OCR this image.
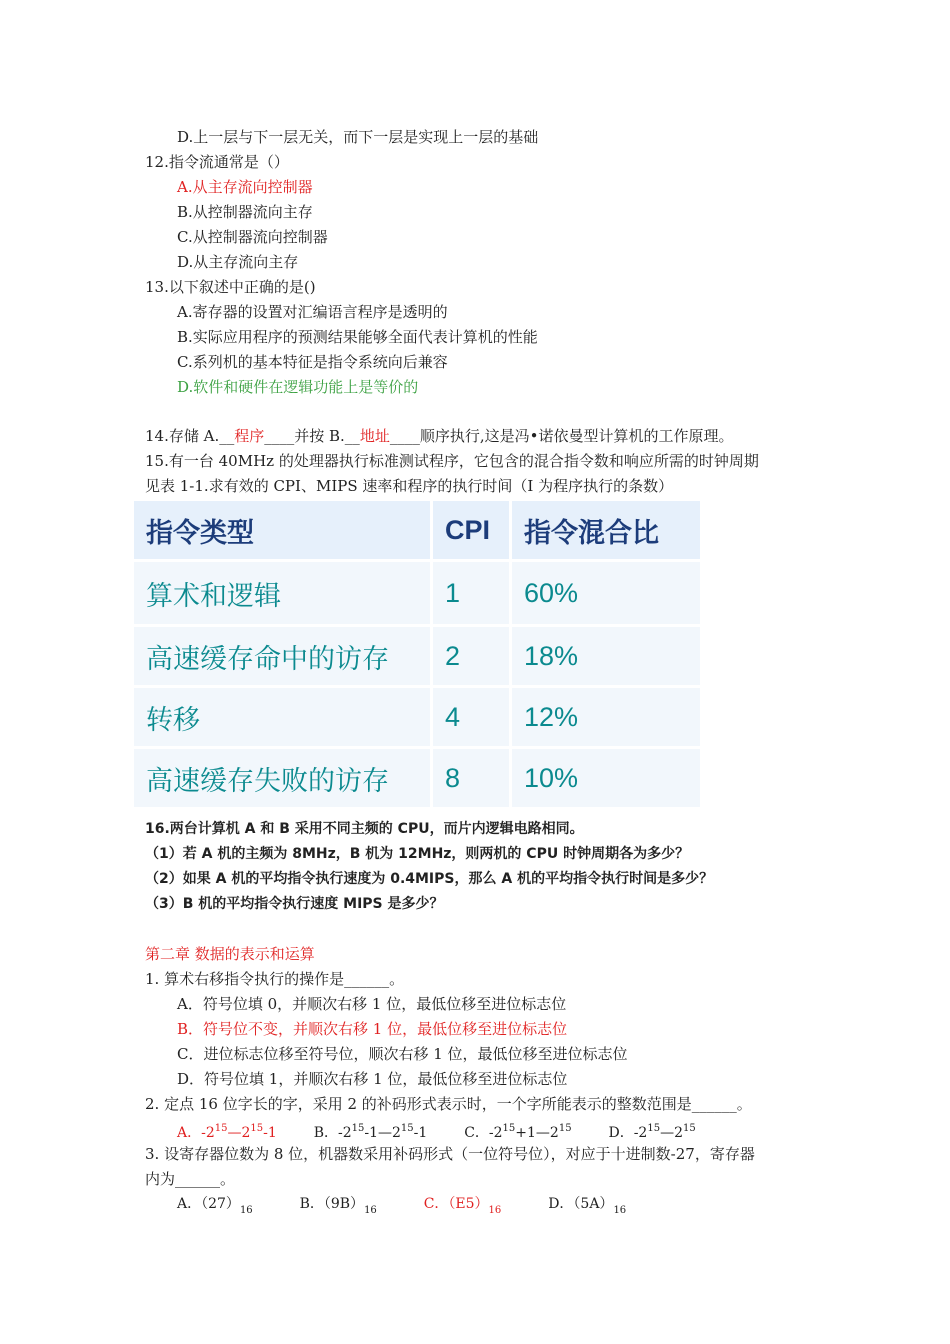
D.上一层与下一层无关，而下一层是实现上一层的基础
12.指令流通常是（）
A.从主存流向控制器
B.从控制器流向主存
C.从控制器流向控制器
D.从主存流向主存
13.以下叙述中正确的是()
A.寄存器的设置对汇编语言程序是透明的
B.实际应用程序的预测结果能够全面代表计算机的性能
C.系列机的基本特征是指令系统向后兼容
D.软件和硬件在逻辑功能上是等价的
14.存储 A.__程序____并按 B.__地址____顺序执行,这是冯•诺依曼型计算机的工作原理。
15.有一台 40MHz 的处理器执行标准测试程序，它包含的混合指令数和响应所需的时钟周期
见表 1-1.求有效的 CPI、MIPS 速率和程序的执行时间（I 为程序执行的条数）
指令类型	CPI	指令混合比
算术和逻辑	1	60%
高速缓存命中的访存	2	18%
转移	4	12%
高速缓存失败的访存	8	10%
16.两台计算机 A 和 B 采用不同主频的 CPU，而片内逻辑电路相同。
（1）若 A 机的主频为 8MHz，B 机为 12MHz，则两机的 CPU 时钟周期各为多少？
（2）如果 A 机的平均指令执行速度为 0.4MIPS，那么 A 机的平均指令执行时间是多少？
（3）B 机的平均指令执行速度 MIPS 是多少？
第二章 数据的表示和运算
1. 算术右移指令执行的操作是______。
A．符号位填 0，并顺次右移 1 位，最低位移至进位标志位
B．符号位不变，并顺次右移 1 位，最低位移至进位标志位
C．进位标志位移至符号位，顺次右移 1 位，最低位移至进位标志位
D．符号位填 1，并顺次右移 1 位，最低位移至进位标志位
2. 定点 16 位字长的字，采用 2 的补码形式表示时，一个字所能表示的整数范围是______。
A．$-2^{15}—2^{15}-1$	B．$-2^{15}-1—2^{15}-1$	C．$-2^{15}+1—2^{15}$	D．$-2^{15}—2^{15}$
3. 设寄存器位数为 8 位，机器数采用补码形式（一位符号位），对应于十进制数-27，寄存器
内为______。
A．$(27)_{16}$	B．$(9B)_{16}$	C．$(E5)_{16}$	D．$(5A)_{16}$
